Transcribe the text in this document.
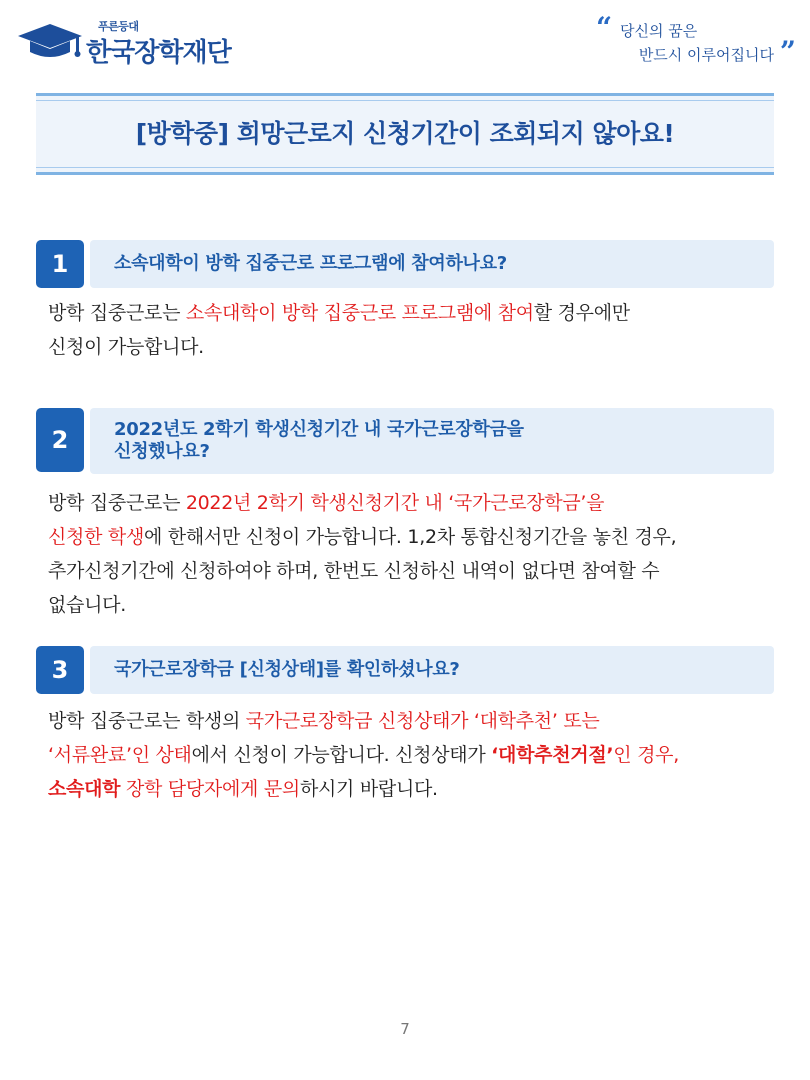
푸른등대
한국장학재단
“ 당신의 꿈은
반드시 이루어집니다 ”
[방학중] 희망근로지 신청기간이 조회되지 않아요!
1	소속대학이 방학 집중근로 프로그램에 참여하나요?

방학 집중근로는 소속대학이 방학 집중근로 프로그램에 참여할 경우에만

신청이 가능합니다.

2	2022년도 2학기 학생신청기간 내 국가근로장학금을
신청했나요?

방학 집중근로는 2022년 2학기 학생신청기간 내 ‘국가근로장학금’을

신청한 학생에 한해서만 신청이 가능합니다. 1,2차 통합신청기간을 놓친 경우,

추가신청기간에 신청하여야 하며, 한번도 신청하신 내역이 없다면 참여할 수

없습니다.

3	국가근로장학금 [신청상태]를 확인하셨나요?

방학 집중근로는 학생의 국가근로장학금 신청상태가 ‘대학추천’ 또는

‘서류완료’인 상태에서 신청이 가능합니다. 신청상태가 ‘대학추천거절’인 경우,

소속대학 장학 담당자에게 문의하시기 바랍니다.

7
